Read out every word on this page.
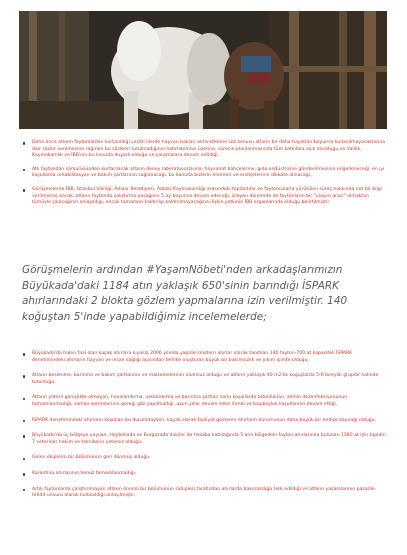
Daha önce atların faytonlardan kurtarıldığı çeşitli illerde hayvan hakları aktivistlerine söz konusu atların bir daha hayatları boyunca kullanılmayacaklarına dair sözler verilmesine rağmen bu sözlerin tutulmadığının hatırlatılması üzerine, sürecin planlanmasında tüm katkılara açık olunduğu ve Valilik, Kaymakamlık ve İBB'nin bu konuda duyarlı olduğu ve çalışmalara devam edildiği,
Atlı faytondan sömürüsünden kurtarılacak atların deney laboratuvarlarına, hayvanat bahçelerine, gıda endüstrisine gönderilmesinin engelleneceği, en iyi koşullarda rehabilitasyon ve bakım şartlarının sağlanacağı, bu konuda bizlerin önerileri ve endişelerinin dikkate alınacağı,
Görüşmelerde İBB, İstanbul Valiliği, Adalar Belediyesi, Adalar Kaymakamlığı arasındaki toplantılar ve faytoncularla yürütülen süreç hakkında net bir bilgi verilmemiş ancak, atların faytonda çalıştırma yasağının 5 ay boyunca devam edeceği, izleyen dönemde de faytonların bir "ulaşım aracı" olmaktan tümüyle çıkacağının anlaşıldığı, ancak tamamen kaldırılıp kaldırılmayacağına ilişkin yetkinin İBB organlarında olduğu belirtilmiştir.

Görüşmelerin ardından #YaşamNöbeti'nden arkadaşlarımızın Büyükada'daki 1184 atın yaklaşık 650'sinin barındığı İSPARK ahırlarındaki 2 blokta gözlem yapmalarına izin verilmiştir. 140 koğuştan 5'inde yapabildiğimiz incelemelerde;

Büyükada'da halen faal olan kaçak ahırlara kıyasla 2006 yılında yapılan modern ahırlar olarak tanıtılan 140 fayton-700 at kapasiteli İSPARK denetimindeki ahırların hayvan ve insan sağlığı açısından tehlike oluşturan büyük bir bakımsızlık ve yıkım içinde olduğu,
Atların beslenme, barınma ve bakım şartlarının ve malzemelerinin olumsuz olduğu ve atların yaklaşık 40 m2'lik koğuşlarda 5-6 bireylik gruplar halinde tutulduğu,
Atların yeterli genişlikte olmayan, havalandırma, ışıklandırma ve barınma şartları sorlu koşullarda tutuldukları, zemin dezenfeksiyonunun tamamlanmadığı, saman sermelerinin gereği gibi yapılmadığı, uzun yıllar devam eden ihmal ve başıboşluk koşullarının devam ettiği,
İSPARK denetimindeki ahırların koşulları bu durumdayken, kaçak olarak faaliyet gösteren ahırların durumunun daha büyük bir endişe kaynağı olduğu,
Büyükada'da üç bölgeye yayılan, Heybeliada ve Burgazada'dakiler de hesaba katıldığında 5 ana bölgedeki fayton ahırlarında bulunan 1380 at için toplam 7 veteriner hekim ve teknikerin yetersiz olduğu,
Gelen ekiplerin bir bölümünün geri dönmüş olduğu,
Karantina ahırlarının henüz tamamlanmadığı,
Artık faytonlarda çalıştırılmayan atların önemli bir bölümünün sahipleri tarafından ahırlarda bakımsızlığa terk edildiği ve atların yaşamlarının pazarlık-tehdit unsuru olarak kullanıldığı anlaşılmıştır.
